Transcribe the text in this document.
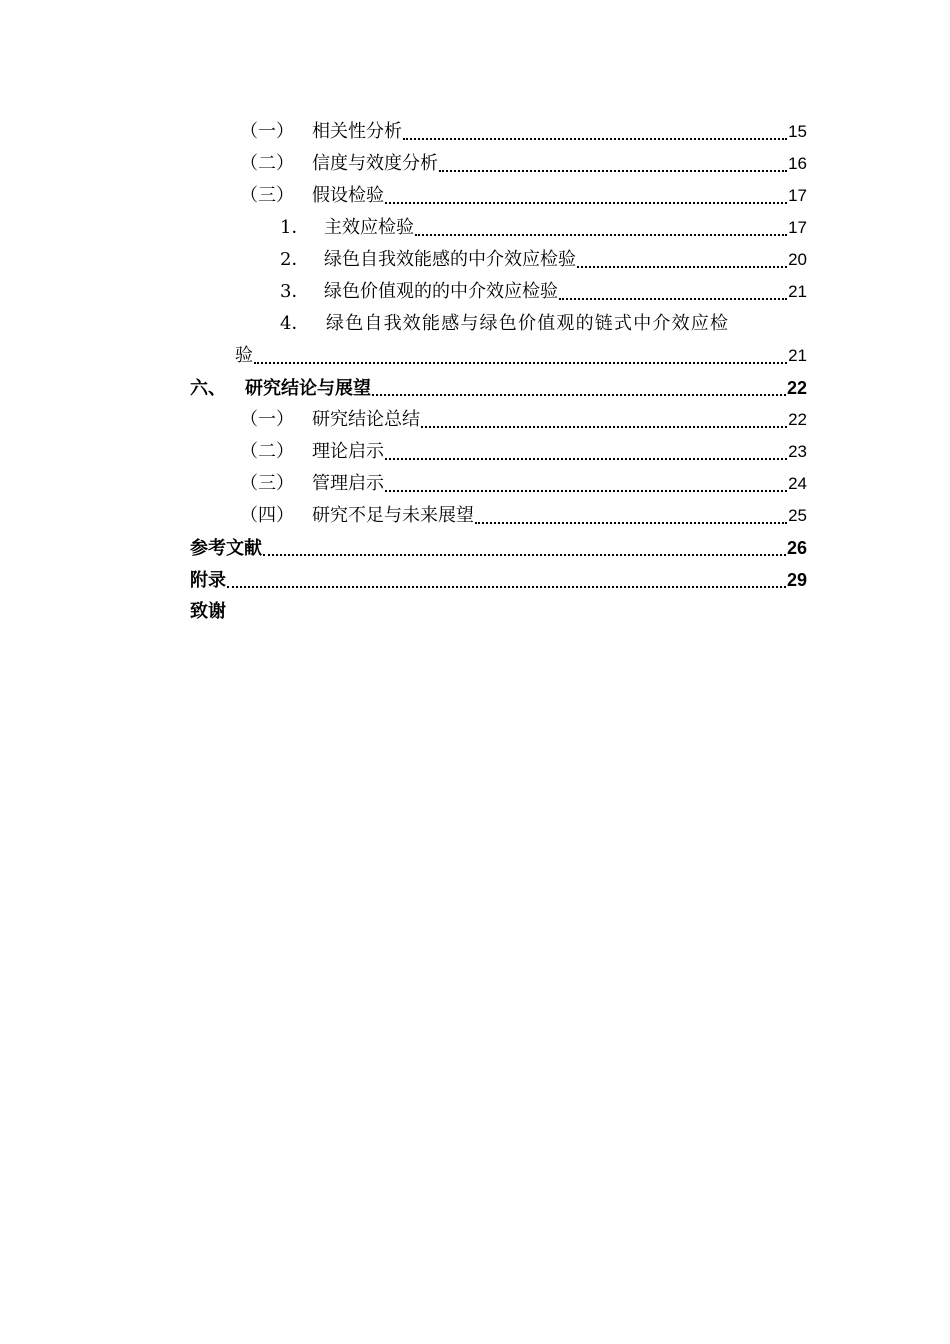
（一）	相关性分析	15
（二）	信度与效度分析	16
（三）	假设检验	17
1． 主效应检验	17
2． 绿色自我效能感的中介效应检验	20
3． 绿色价值观的的中介效应检验	21
4． 绿色自我效能感与绿色价值观的链式中介效应检
验	21
六、	研究结论与展望	22
（一）	研究结论总结	22
（二）	理论启示	23
（三）	管理启示	24
（四）	研究不足与未来展望	25
参考文献	26
附录	29
致谢
